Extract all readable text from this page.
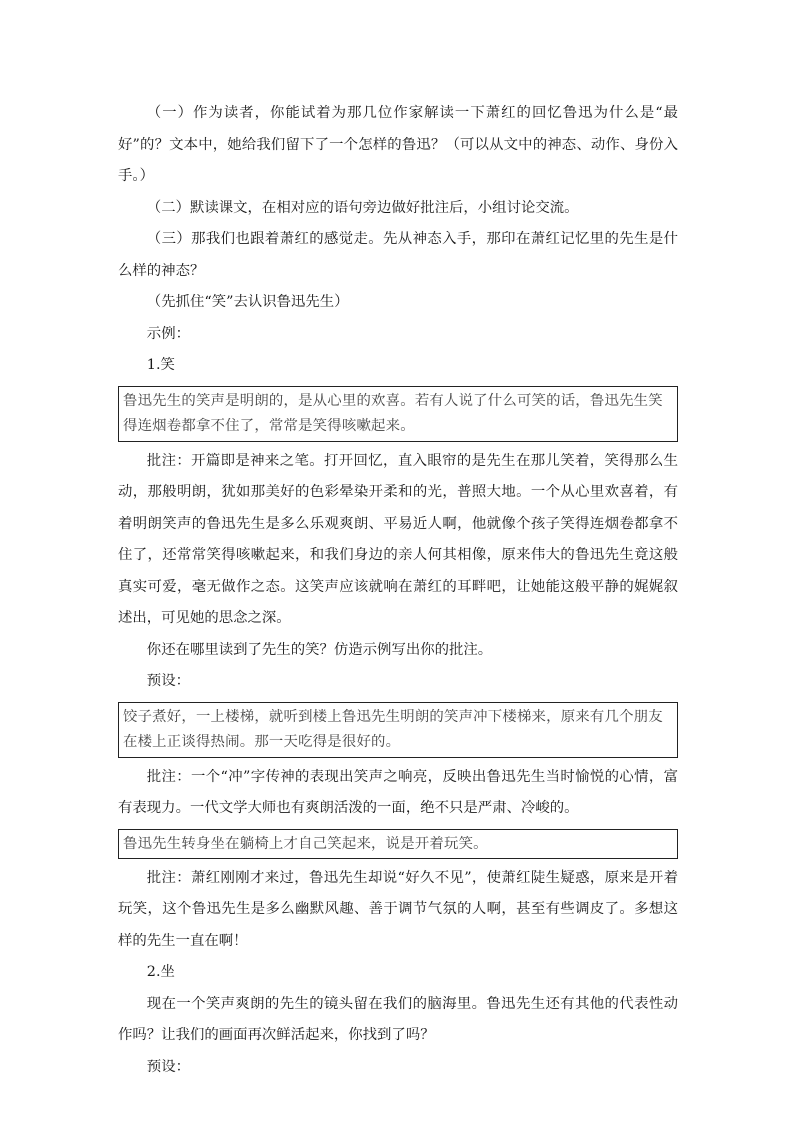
（一）作为读者，你能试着为那几位作家解读一下萧红的回忆鲁迅为什么是“最好”的？文本中，她给我们留下了一个怎样的鲁迅？（可以从文中的神态、动作、身份入手。）

（二）默读课文，在相对应的语句旁边做好批注后，小组讨论交流。

（三）那我们也跟着萧红的感觉走。先从神态入手，那印在萧红记忆里的先生是什么样的神态？

（先抓住“笑”去认识鲁迅先生）

示例：

1.笑

鲁迅先生的笑声是明朗的，是从心里的欢喜。若有人说了什么可笑的话，鲁迅先生笑得连烟卷都拿不住了，常常是笑得咳嗽起来。

批注：开篇即是神来之笔。打开回忆，直入眼帘的是先生在那儿笑着，笑得那么生动，那般明朗，犹如那美好的色彩晕染开柔和的光，普照大地。一个从心里欢喜着，有着明朗笑声的鲁迅先生是多么乐观爽朗、平易近人啊，他就像个孩子笑得连烟卷都拿不住了，还常常笑得咳嗽起来，和我们身边的亲人何其相像，原来伟大的鲁迅先生竟这般真实可爱，毫无做作之态。这笑声应该就响在萧红的耳畔吧，让她能这般平静的娓娓叙述出，可见她的思念之深。

你还在哪里读到了先生的笑？仿造示例写出你的批注。

预设：

饺子煮好，一上楼梯，就听到楼上鲁迅先生明朗的笑声冲下楼梯来，原来有几个朋友在楼上正谈得热闹。那一天吃得是很好的。

批注：一个“冲”字传神的表现出笑声之响亮，反映出鲁迅先生当时愉悦的心情，富有表现力。一代文学大师也有爽朗活泼的一面，绝不只是严肃、冷峻的。

鲁迅先生转身坐在躺椅上才自己笑起来，说是开着玩笑。

批注：萧红刚刚才来过，鲁迅先生却说“好久不见”，使萧红陡生疑惑，原来是开着玩笑，这个鲁迅先生是多么幽默风趣、善于调节气氛的人啊，甚至有些调皮了。多想这样的先生一直在啊！

2.坐

现在一个笑声爽朗的先生的镜头留在我们的脑海里。鲁迅先生还有其他的代表性动作吗？让我们的画面再次鲜活起来，你找到了吗？

预设：
